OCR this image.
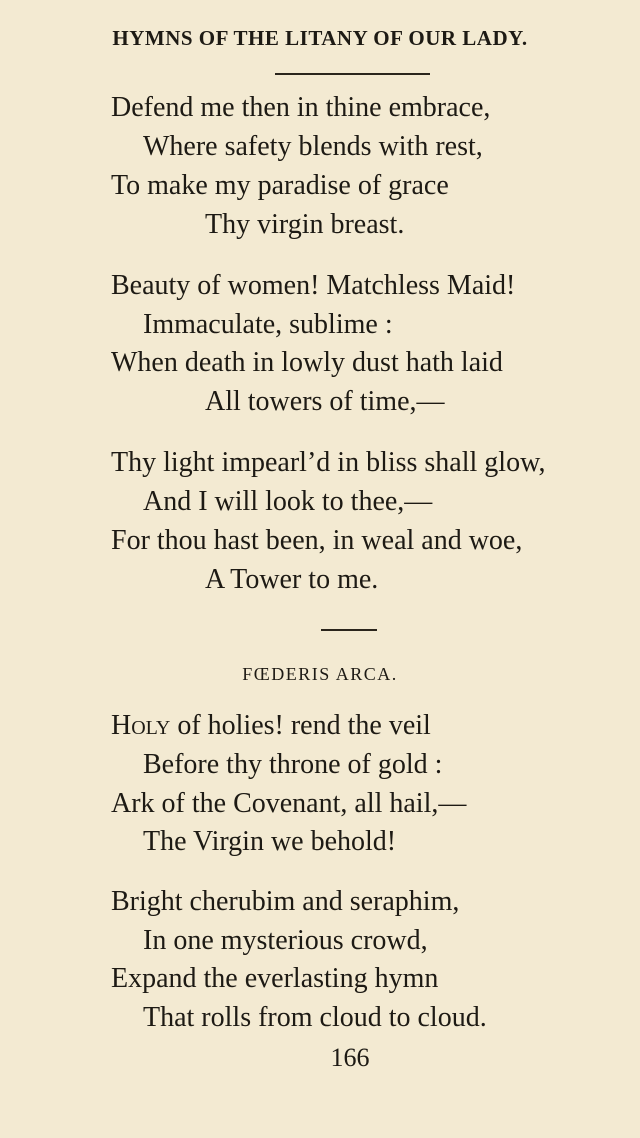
HYMNS OF THE LITANY OF OUR LADY.
Defend me then in thine embrace,
Where safety blends with rest,
To make my paradise of grace
Thy virgin breast.
Beauty of women! Matchless Maid!
Immaculate, sublime :
When death in lowly dust hath laid
All towers of time,—
Thy light impearl’d in bliss shall glow,
And I will look to thee,—
For thou hast been, in weal and woe,
A Tower to me.
FŒDERIS ARCA.
Holy of holies! rend the veil
Before thy throne of gold :
Ark of the Covenant, all hail,—
The Virgin we behold!
Bright cherubim and seraphim,
In one mysterious crowd,
Expand the everlasting hymn
That rolls from cloud to cloud.
166
